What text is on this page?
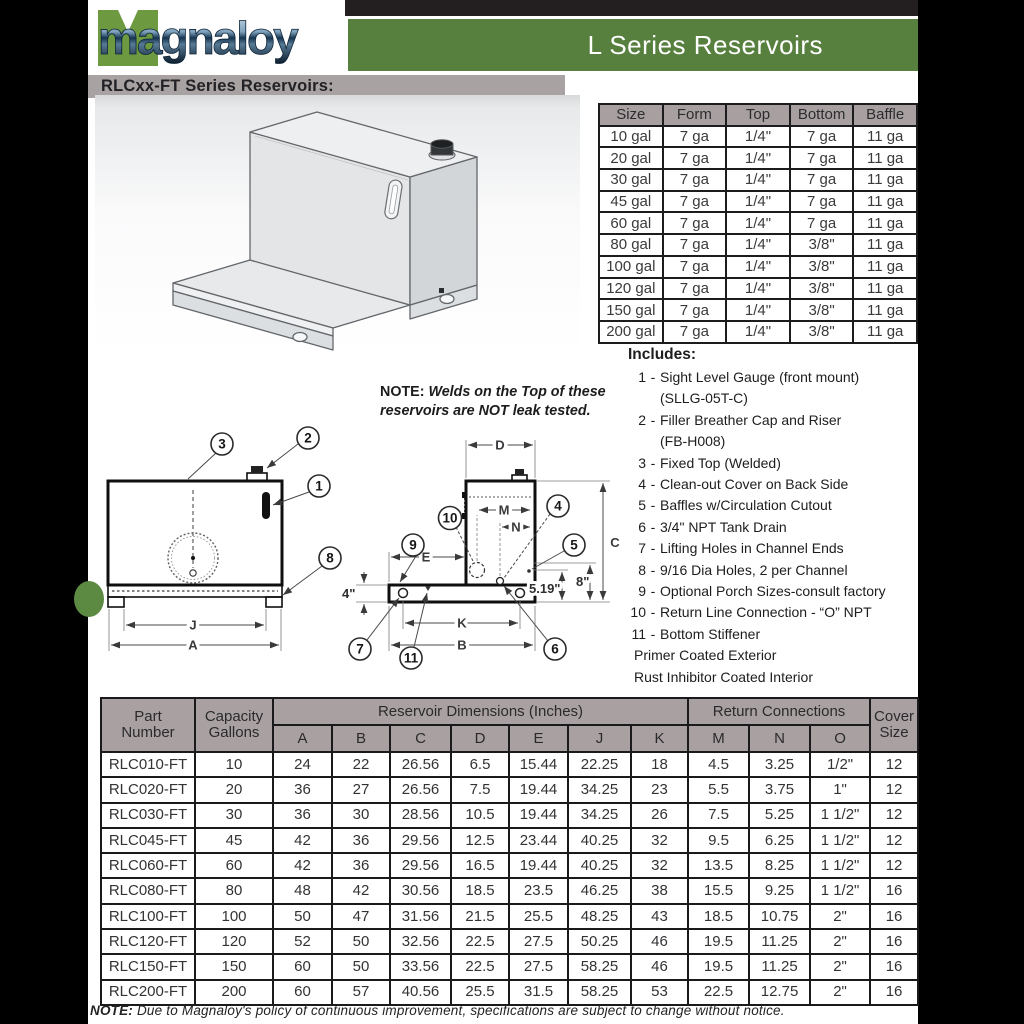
magnaloy	L Series Reservoirs
RLCxx-FT Series Reservoirs:
Size	Form	Top	Bottom	Baffle
10 gal	7 ga	1/4"	7 ga	11 ga
20 gal	7 ga	1/4"	7 ga	11 ga
30 gal	7 ga	1/4"	7 ga	11 ga
45 gal	7 ga	1/4"	7 ga	11 ga
60 gal	7 ga	1/4"	7 ga	11 ga
80 gal	7 ga	1/4"	3/8"	11 ga
100 gal	7 ga	1/4"	3/8"	11 ga
120 gal	7 ga	1/4"	3/8"	11 ga
150 gal	7 ga	1/4"	3/8"	11 ga
200 gal	7 ga	1/4"	3/8"	11 ga
Includes:
1 - Sight Level Gauge (front mount)
(SLLG-05T-C)
2 - Filler Breather Cap and Riser
(FB-H008)
3 - Fixed Top (Welded)
4 - Clean-out Cover on Back Side
5 - Baffles w/Circulation Cutout
6 - 3/4" NPT Tank Drain
7 - Lifting Holes in Channel Ends
8 - 9/16 Dia Holes, 2 per Channel
9 - Optional Porch Sizes-consult factory
10 - Return Line Connection - “O” NPT
11 - Bottom Stiffener
Primer Coated Exterior
Rust Inhibitor Coated Interior
NOTE: Welds on the Top of these reservoirs are NOT leak tested.
J
A
3	2
1
8
D
M
N
C
E
4"	5.19" 8"
K
B
10
9
4
5
7
11
6
Part
Number	Capacity
Gallons	Reservoir Dimensions (Inches)							Return Connections			Cover
Size
		A	B	C	D	E	J	K	M	N	O	
RLC010-FT	10	24	22	26.56	6.5	15.44	22.25	18	4.5	3.25	1/2"	12
RLC020-FT	20	36	27	26.56	7.5	19.44	34.25	23	5.5	3.75	1"	12
RLC030-FT	30	36	30	28.56	10.5	19.44	34.25	26	7.5	5.25	1 1/2"	12
RLC045-FT	45	42	36	29.56	12.5	23.44	40.25	32	9.5	6.25	1 1/2"	12
RLC060-FT	60	42	36	29.56	16.5	19.44	40.25	32	13.5	8.25	1 1/2"	12
RLC080-FT	80	48	42	30.56	18.5	23.5	46.25	38	15.5	9.25	1 1/2"	16
RLC100-FT	100	50	47	31.56	21.5	25.5	48.25	43	18.5	10.75	2"	16
RLC120-FT	120	52	50	32.56	22.5	27.5	50.25	46	19.5	11.25	2"	16
RLC150-FT	150	60	50	33.56	22.5	27.5	58.25	46	19.5	11.25	2"	16
RLC200-FT	200	60	57	40.56	25.5	31.5	58.25	53	22.5	12.75	2"	16
NOTE: Due to Magnaloy's policy of continuous improvement, specifications are subject to change without notice.
